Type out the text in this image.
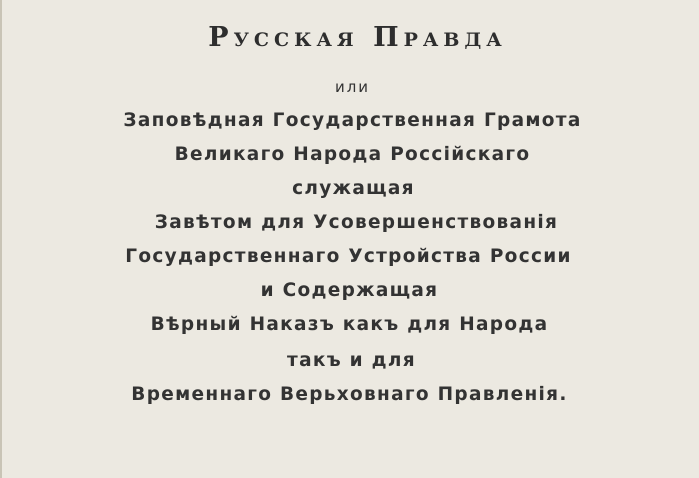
Русская Правда
или
Заповѣдная Государственная Грамота
Великаго Народа Россійскаго
служащая
Завѣтом для Усовершенствованія
Государственнаго Устройства России
и Содержащая
Вѣрный Наказъ какъ для Народа
такъ и для
Временнаго Верьховнаго Правленія.
